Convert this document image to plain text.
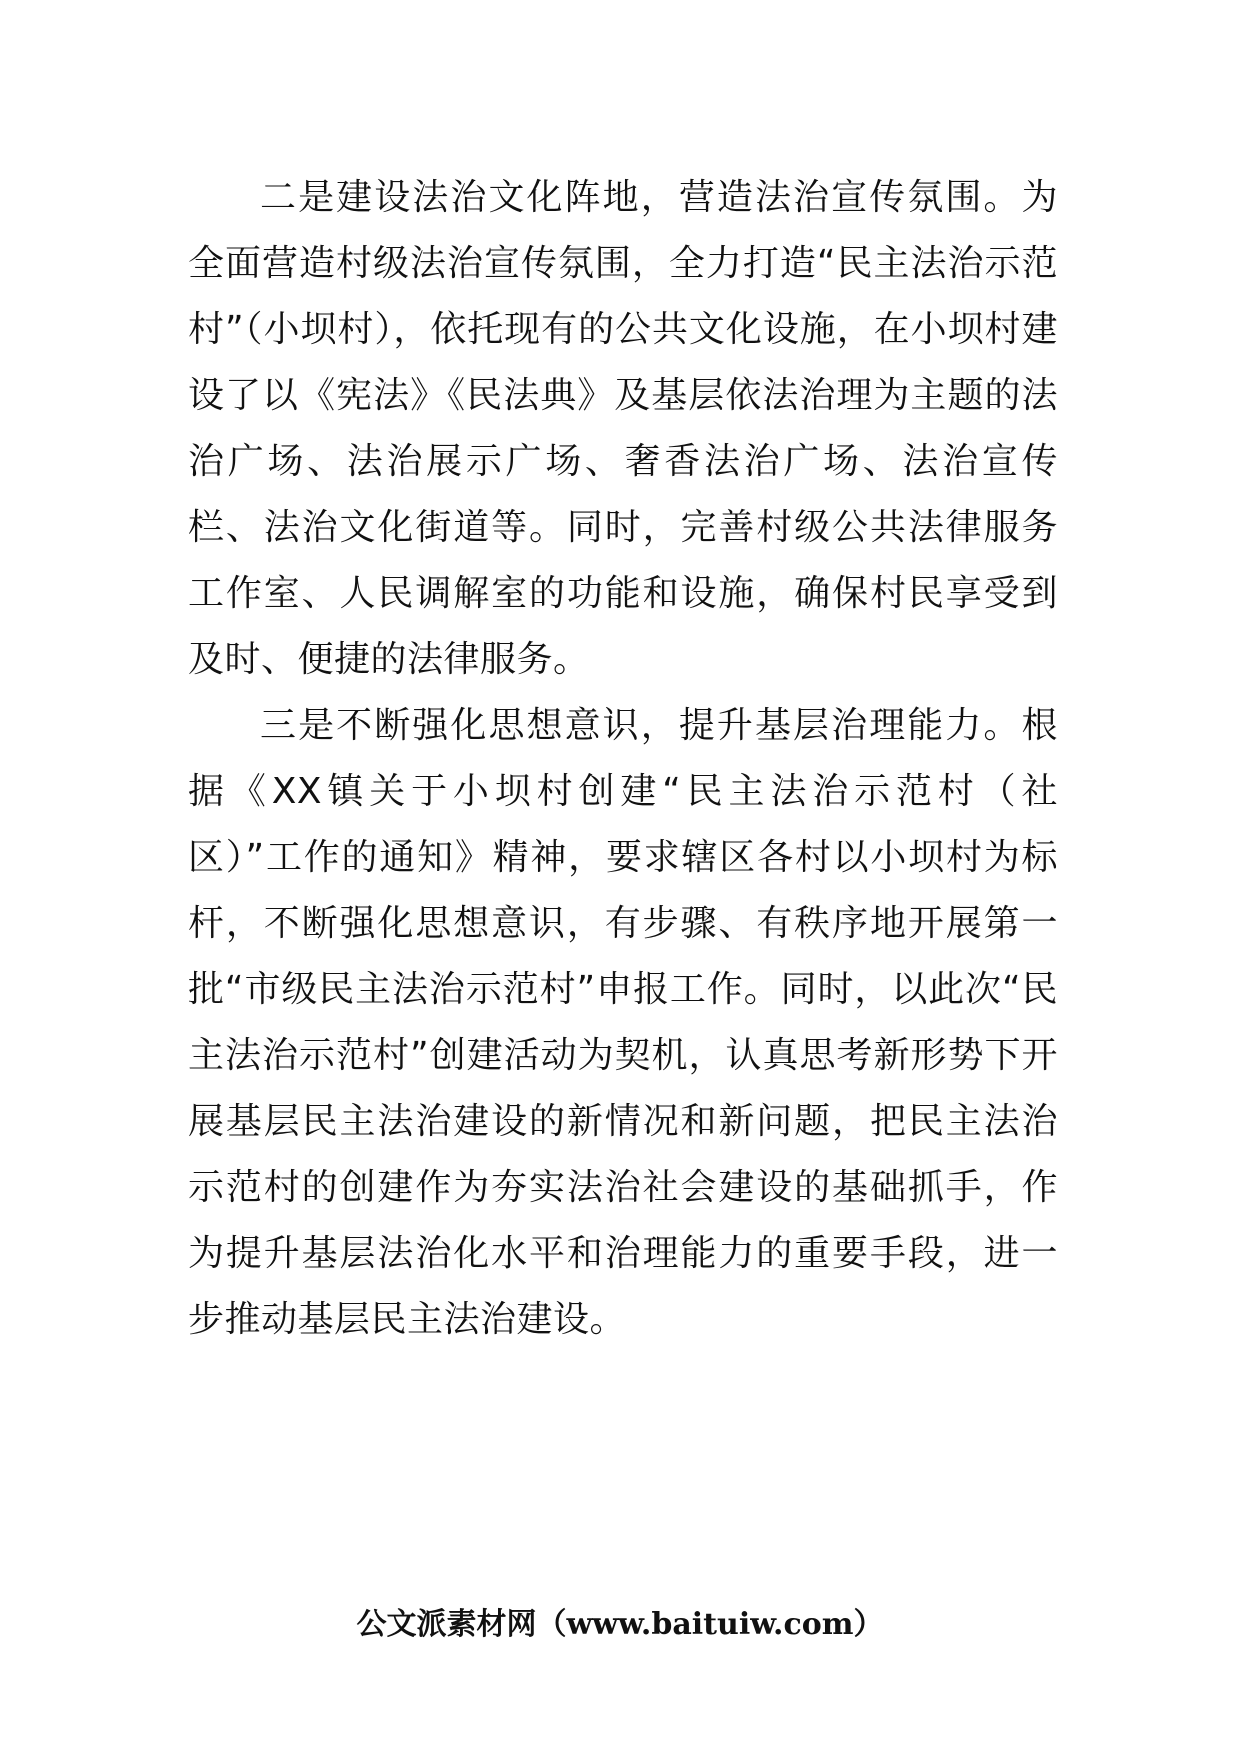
二是建设法治文化阵地，营造法治宣传氛围。为全面营造村级法治宣传氛围，全力打造“民主法治示范村”（小坝村），依托现有的公共文化设施，在小坝村建设了以《宪法》《民法典》及基层依法治理为主题的法治广场、法治展示广场、奢香法治广场、法治宣传栏、法治文化街道等。同时，完善村级公共法律服务工作室、人民调解室的功能和设施，确保村民享受到及时、便捷的法律服务。

三是不断强化思想意识，提升基层治理能力。根据《XX镇关于小坝村创建“民主法治示范村（社区）”工作的通知》精神，要求辖区各村以小坝村为标杆，不断强化思想意识，有步骤、有秩序地开展第一批“市级民主法治示范村”申报工作。同时，以此次“民主法治示范村”创建活动为契机，认真思考新形势下开展基层民主法治建设的新情况和新问题，把民主法治示范村的创建作为夯实法治社会建设的基础抓手，作为提升基层法治化水平和治理能力的重要手段，进一步推动基层民主法治建设。

公文派素材网（www.baituiw.com）
